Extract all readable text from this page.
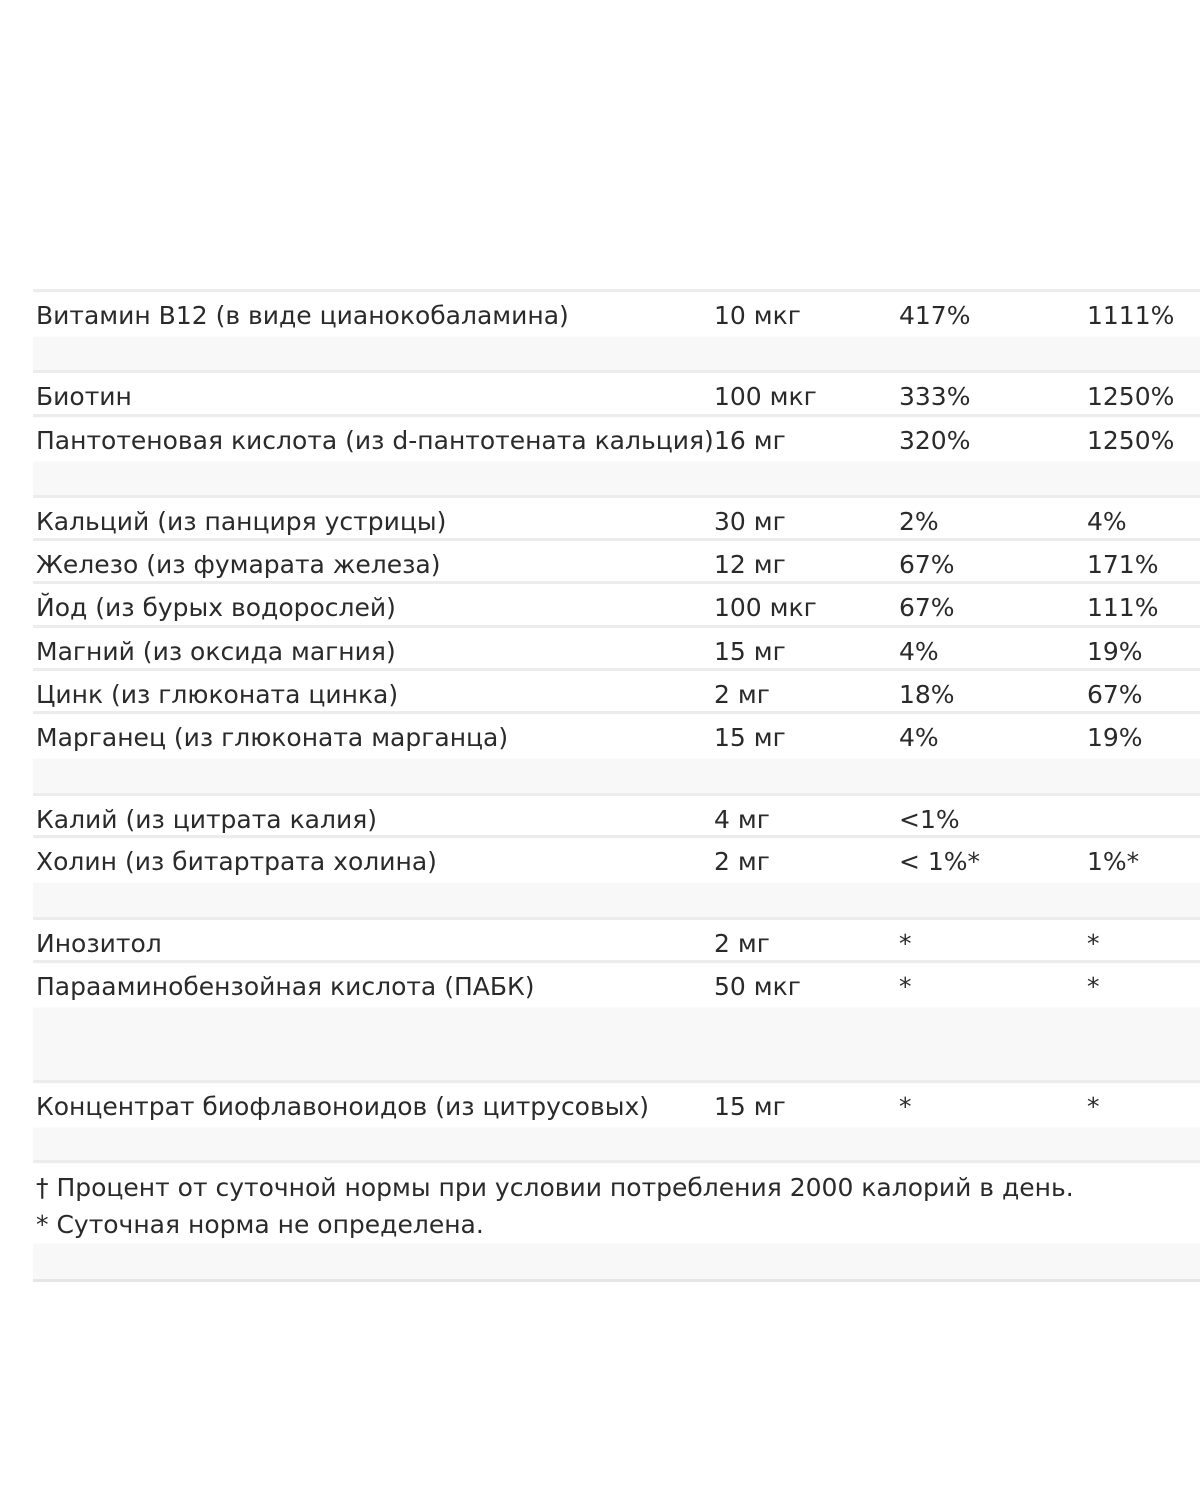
Витамин B12 (в виде цианокобаламина)	10 мкг	417%	1111%
Биотин	100 мкг	333%	1250%
Пантотеновая кислота (из d-пантотената кальция)	16 мг	320%	1250%
Кальций (из панциря устрицы)	30 мг	2%	4%
Железо (из фумарата железа)	12 мг	67%	171%
Йод (из бурых водорослей)	100 мкг	67%	111%
Магний (из оксида магния)	15 мг	4%	19%
Цинк (из глюконата цинка)	2 мг	18%	67%
Марганец (из глюконата марганца)	15 мг	4%	19%
Калий (из цитрата калия)	4 мг	<1%	
Холин (из битартрата холина)	2 мг	< 1%*	1%*
Инозитол	2 мг	*	*
Парааминобензойная кислота (ПАБК)	50 мкг	*	*
Концентрат биофлавоноидов (из цитрусовых)	15 мг	*	*

† Процент от суточной нормы при условии потребления 2000 калорий в день.
* Суточная норма не определена.			
